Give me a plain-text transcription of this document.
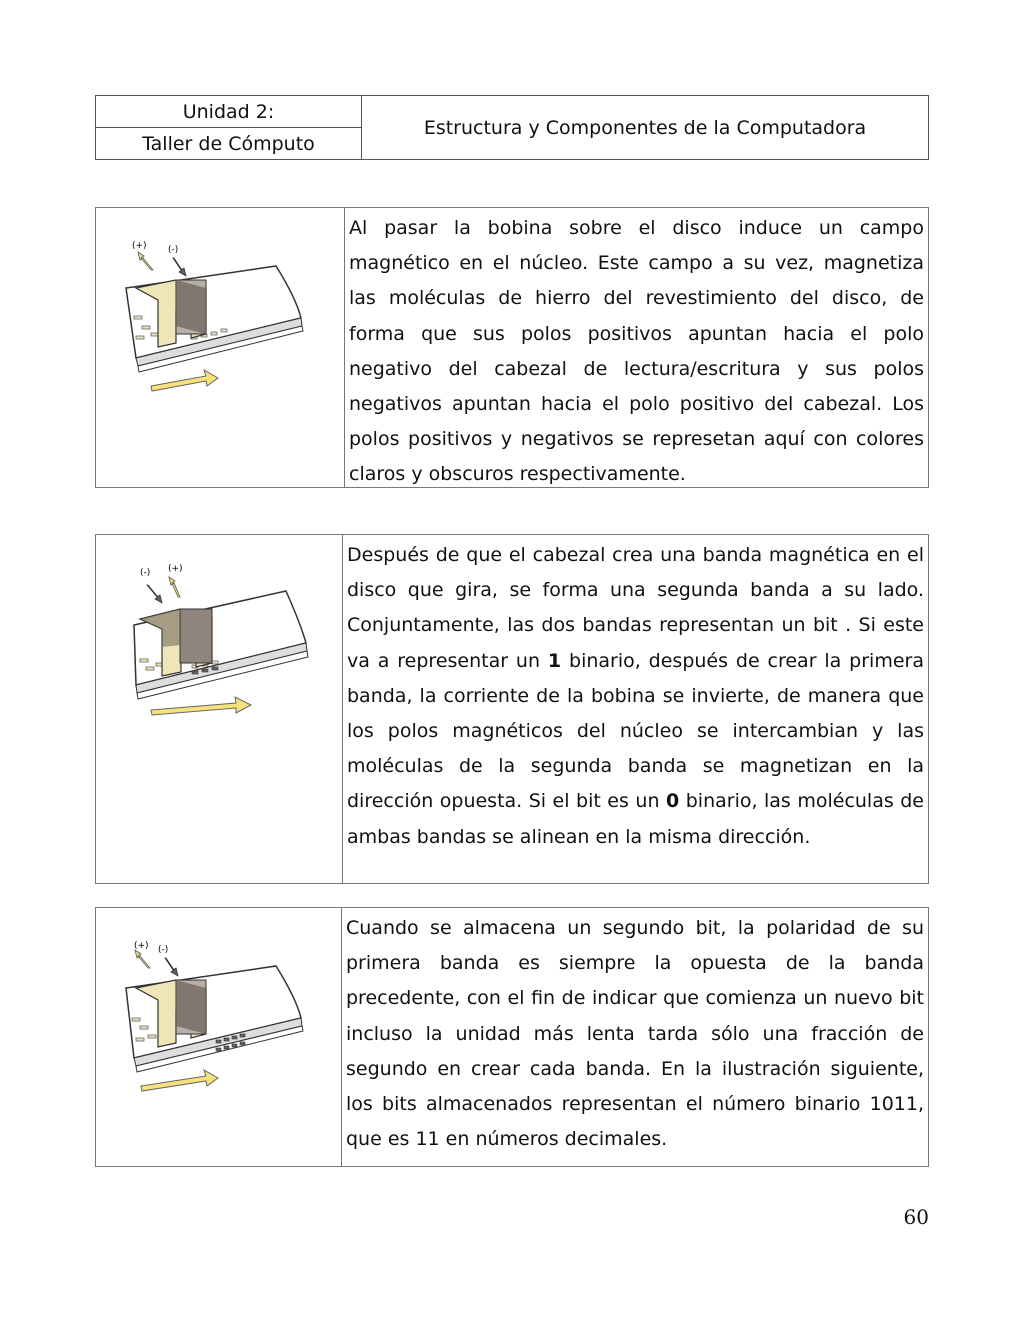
Unidad 2:
Taller de Cómputo
Estructura y Componentes de la Computadora
(+) (-)
Al pasar la bobina sobre el disco induce un campo magnético en el núcleo. Este campo a su vez, magnetiza las moléculas de hierro del revestimiento del disco, de forma que sus polos positivos apuntan hacia el polo negativo del cabezal de lectura/escritura y sus polos negativos apuntan hacia el polo positivo del cabezal. Los polos positivos y negativos se represetan aquí con colores claros y obscuros respectivamente.
(-) (+)
Después de que el cabezal crea una banda magnética en el disco que gira, se forma una segunda banda a su lado. Conjuntamente, las dos bandas representan un bit . Si este va a representar un 1 binario, después de crear la primera banda, la corriente de la bobina se invierte, de manera que los polos magnéticos del núcleo se intercambian y las moléculas de la segunda banda se magnetizan en la dirección opuesta. Si el bit es un 0 binario, las moléculas de ambas bandas se alinean en la misma dirección.
(+) (-)
Cuando se almacena un segundo bit, la polaridad de su primera banda es siempre la opuesta de la banda precedente, con el fin de indicar que comienza un nuevo bit incluso la unidad más lenta tarda sólo una fracción de segundo en crear cada banda. En la ilustración siguiente, los bits almacenados representan el número binario 1011, que es 11 en números decimales.
60
